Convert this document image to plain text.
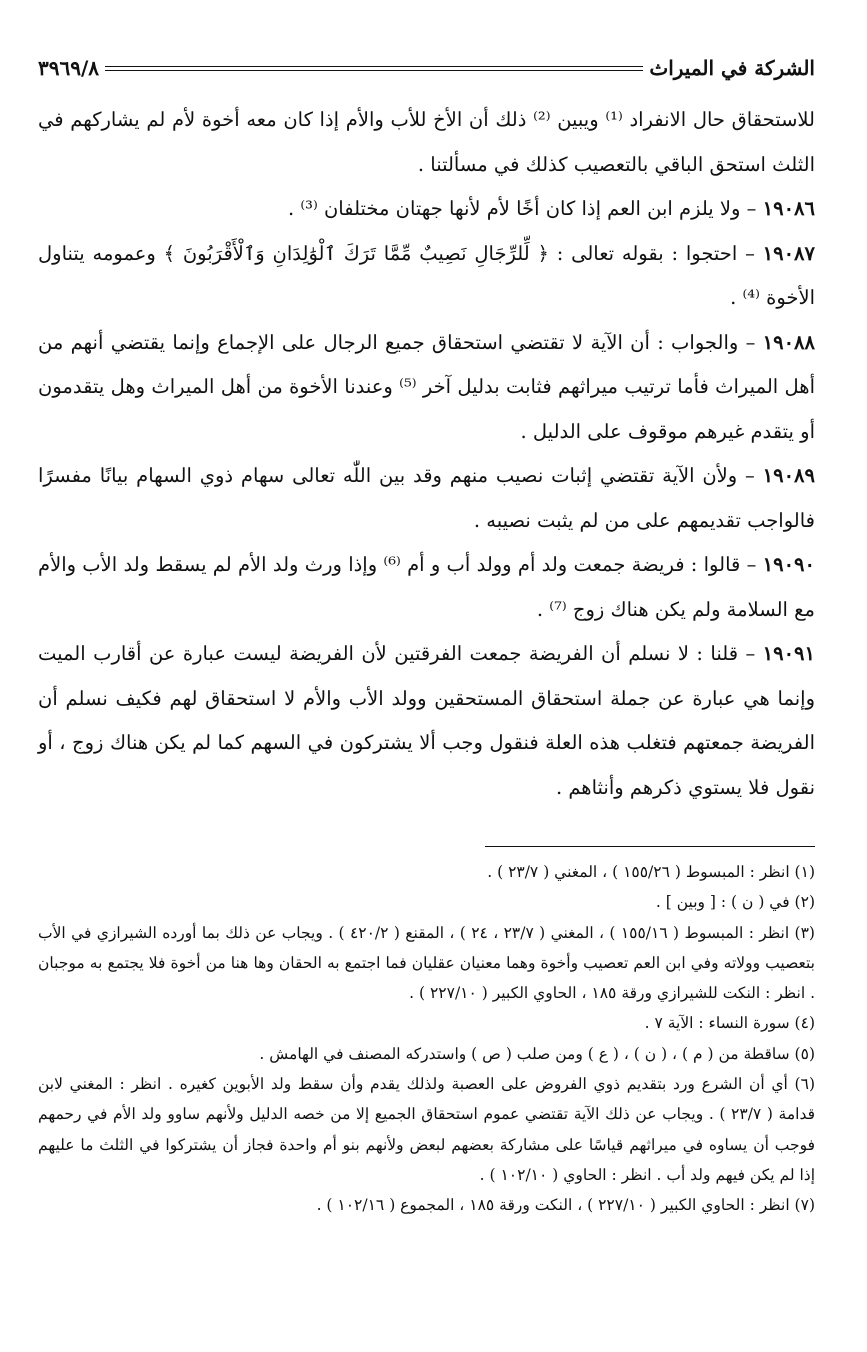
الشركة في الميراث
٣٩٦٩/٨

للاستحقاق حال الانفراد ⁽¹⁾ ويبين ⁽²⁾ ذلك أن الأخ للأب والأم إذا كان معه أخوة لأم لم يشاركهم في الثلث استحق الباقي بالتعصيب كذلك في مسألتنا .

١٩٠٨٦ – ولا يلزم ابن العم إذا كان أخًا لأم لأنها جهتان مختلفان ⁽³⁾ .

١٩٠٨٧ – احتجوا : بقوله تعالى : ﴿ لِّلرِّجَالِ نَصِيبٌ مِّمَّا تَرَكَ ٱلْوَٰلِدَانِ وَٱلْأَقْرَبُونَ ﴾ وعمومه يتناول الأخوة ⁽⁴⁾ .

١٩٠٨٨ – والجواب : أن الآية لا تقتضي استحقاق جميع الرجال على الإجماع وإنما يقتضي أنهم من أهل الميراث فأما ترتيب ميراثهم فثابت بدليل آخر ⁽⁵⁾ وعندنا الأخوة من أهل الميراث وهل يتقدمون أو يتقدم غيرهم موقوف على الدليل .

١٩٠٨٩ – ولأن الآية تقتضي إثبات نصيب منهم وقد بين اللّٰه تعالى سهام ذوي السهام بيانًا مفسرًا فالواجب تقديمهم على من لم يثبت نصيبه .

١٩٠٩٠ – قالوا : فريضة جمعت ولد أم وولد أب و أم ⁽⁶⁾ وإذا ورث ولد الأم لم يسقط ولد الأب والأم مع السلامة ولم يكن هناك زوج ⁽⁷⁾ .

١٩٠٩١ – قلنا : لا نسلم أن الفريضة جمعت الفرقتين لأن الفريضة ليست عبارة عن أقارب الميت وإنما هي عبارة عن جملة استحقاق المستحقين وولد الأب والأم لا استحقاق لهم فكيف نسلم أن الفريضة جمعتهم فتغلب هذه العلة فنقول وجب ألا يشتركون في السهم كما لم يكن هناك زوج ، أو نقول فلا يستوي ذكرهم وأنثاهم .

(١) انظر : المبسوط ( ١٥٥/٢٦ ) ، المغني ( ٢٣/٧ ) .

(٢) في ( ن ) : [ وبين ] .

(٣) انظر : المبسوط ( ١٥٥/١٦ ) ، المغني ( ٢٣/٧ ، ٢٤ ) ، المقنع ( ٤٢٠/٢ ) . ويجاب عن ذلك بما أورده الشيرازي في الأب بتعصيب وولاته وفي ابن العم تعصيب وأخوة وهما معنيان عقليان فما اجتمع به الحقان وها هنا من أخوة فلا يجتمع به موجبان . انظر : النكت للشيرازي ورقة ١٨٥ ، الحاوي الكبير ( ٢٢٧/١٠ ) .

(٤) سورة النساء : الآية ٧ .

(٥) ساقطة من ( م ) ، ( ن ) ، ( ع ) ومن صلب ( ص ) واستدركه المصنف في الهامش .

(٦) أي أن الشرع ورد بتقديم ذوي الفروض على العصبة ولذلك يقدم وأن سقط ولد الأبوين كغيره . انظر : المغني لابن قدامة ( ٢٣/٧ ) . ويجاب عن ذلك الآية تقتضي عموم استحقاق الجميع إلا من خصه الدليل ولأنهم ساوو ولد الأم في رحمهم فوجب أن يساوه في ميراثهم قياسًا على مشاركة بعضهم لبعض ولأنهم بنو أم واحدة فجاز أن يشتركوا في الثلث ما عليهم إذا لم يكن فيهم ولد أب . انظر : الحاوي ( ١٠٢/١٠ ) .

(٧) انظر : الحاوي الكبير ( ٢٢٧/١٠ ) ، النكت ورقة ١٨٥ ، المجموع ( ١٠٢/١٦ ) .
